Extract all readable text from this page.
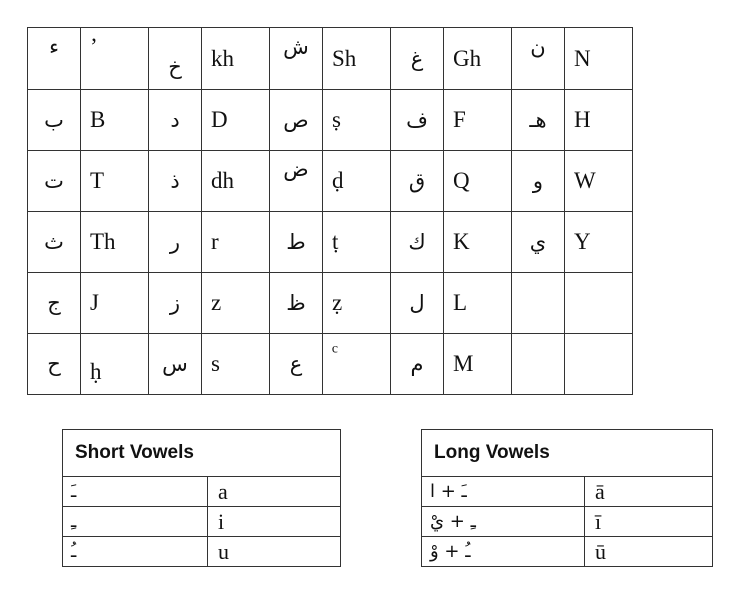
ء	’	خ	kh	ش	Sh	غ	Gh	ن	N

ب	B	د	D	ص	ṣ	ف	F	هـ	H

ت	T	ذ	dh	ض	ḍ	ق	Q	و	W

ث	Th	ر	r	ط	ṭ	ك	K	ي	Y

ج	J	ز	z	ظ	ẓ	ل	L		

ح	ḥ	س	s	ع	ᶜ	م	M		

Short Vowels	
ـَ	a
ـِ	i
ـُ	u
Long Vowels	
ـَ + ا	ā
ـِ + يْ	ī
ـُ + وْ	ū
